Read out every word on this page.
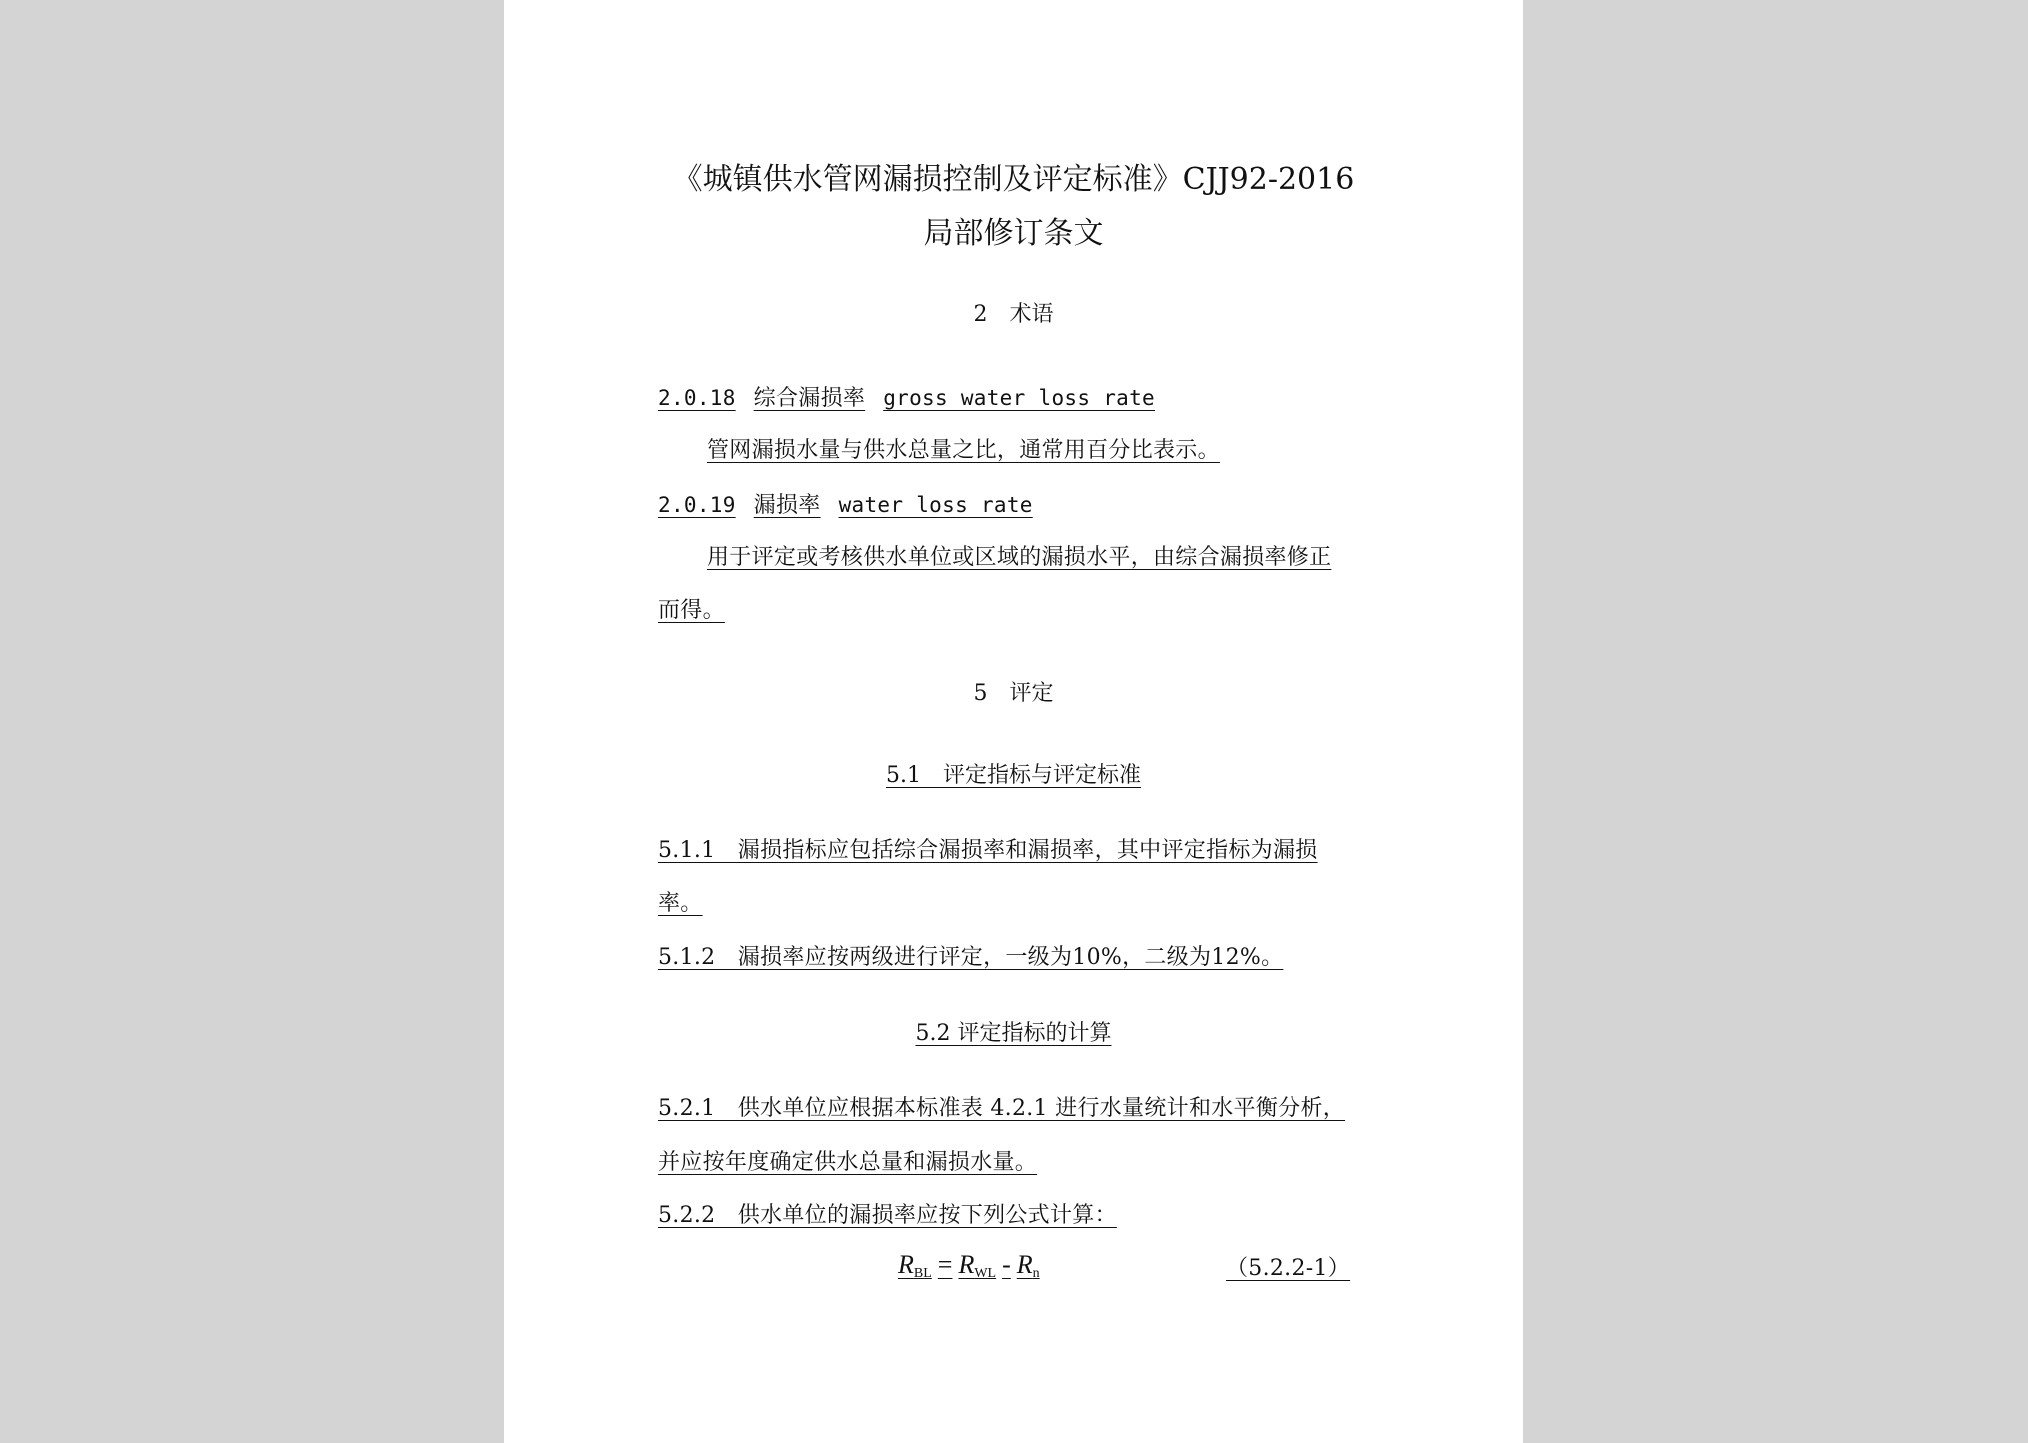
《城镇供水管网漏损控制及评定标准》CJJ92-2016
局部修订条文
2　术语
2.0.18 综合漏损率 gross water loss rate
管网漏损水量与供水总量之比，通常用百分比表示。
2.0.19 漏损率 water loss rate
用于评定或考核供水单位或区域的漏损水平，由综合漏损率修正
而得。
5　评定
5.1　评定指标与评定标准
5.1.1　漏损指标应包括综合漏损率和漏损率，其中评定指标为漏损
率。
5.1.2　漏损率应按两级进行评定，一级为10%，二级为12%。
5.2 评定指标的计算
5.2.1　供水单位应根据本标准表 4.2.1 进行水量统计和水平衡分析，
并应按年度确定供水总量和漏损水量。
5.2.2　供水单位的漏损率应按下列公式计算：
$R_{BL} = R_{WL} - R_n$	（5.2.2-1）
